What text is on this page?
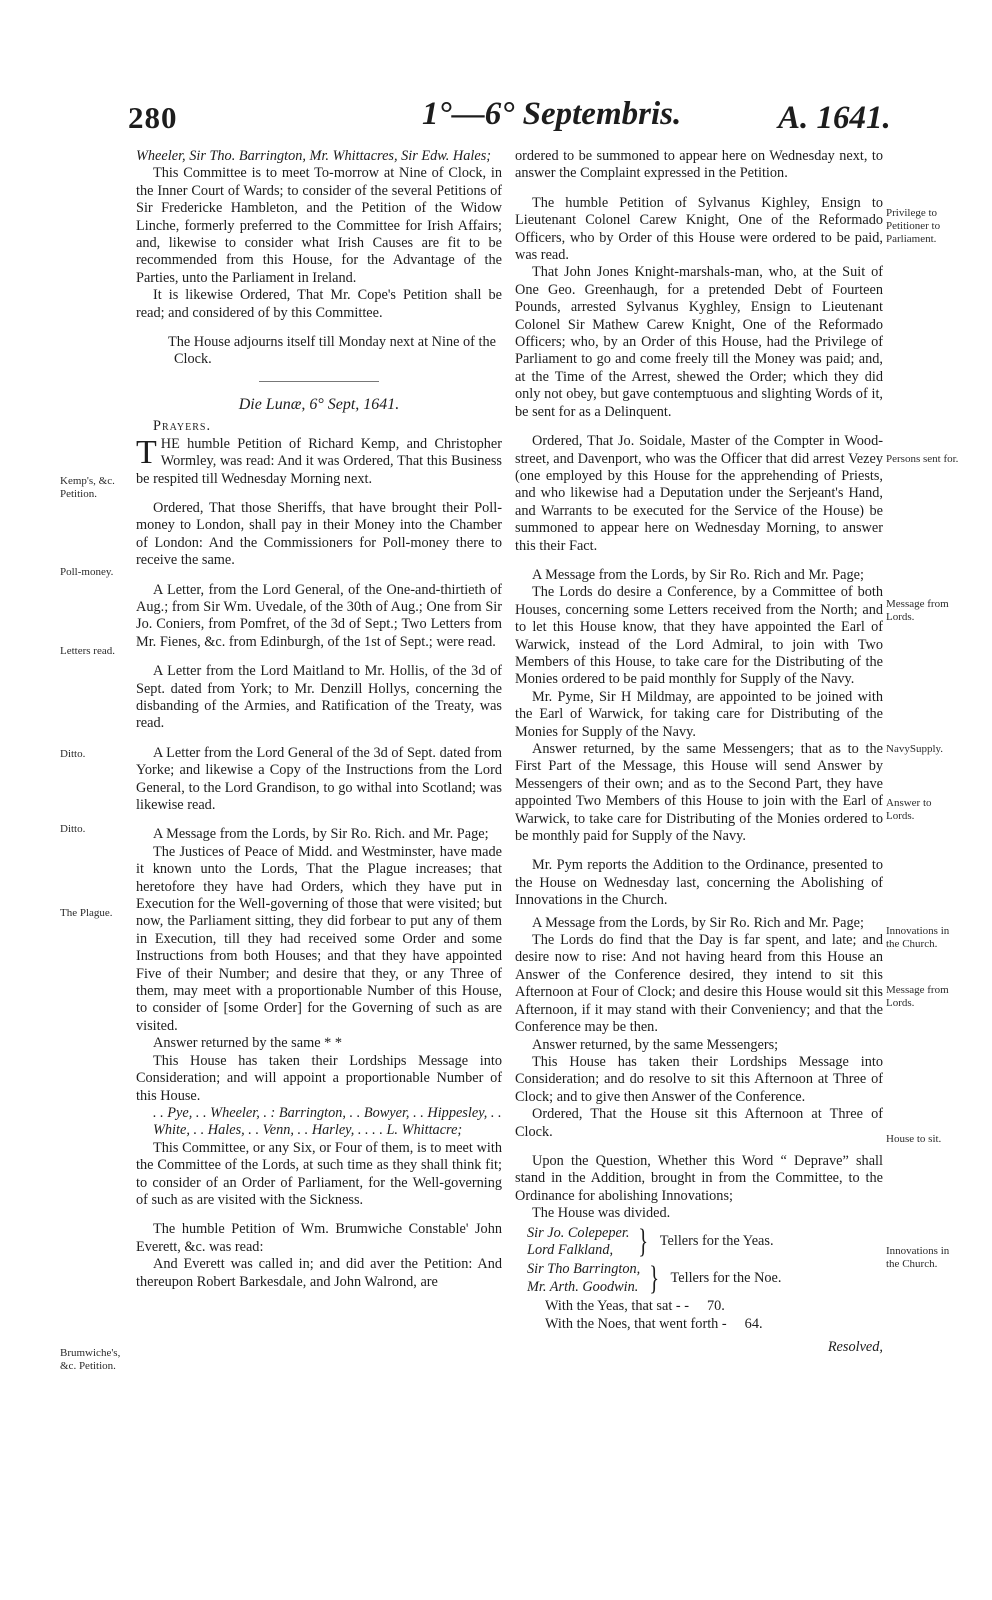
280	1°—6° Septembris.	A. 1641.

Wheeler, Sir Tho. Barrington, Mr. Whittacres, Sir Edw. Hales;

This Committee is to meet To-morrow at Nine of Clock, in the Inner Court of Wards; to consider of the several Petitions of Sir Fredericke Hambleton, and the Petition of the Widow Linche, formerly preferred to the Committee for Irish Affairs; and, likewise to consider what Irish Causes are fit to be recommended from this House, for the Advantage of the Parties, unto the Parliament in Ireland.

It is likewise Ordered, That Mr. Cope's Petition shall be read; and considered of by this Committee.

The House adjourns itself till Monday next at Nine of the Clock.

Die Lunæ, 6° Sept, 1641.

Prayers.

THE humble Petition of Richard Kemp, and Christopher Wormley, was read: And it was Ordered, That this Business be respited till Wednesday Morning next.

Ordered, That those Sheriffs, that have brought their Poll-money to London, shall pay in their Money into the Chamber of London: And the Commissioners for Poll-money there to receive the same.

A Letter, from the Lord General, of the One-and-thirtieth of Aug.; from Sir Wm. Uvedale, of the 30th of Aug.; One from Sir Jo. Coniers, from Pomfret, of the 3d of Sept.; Two Letters from Mr. Fienes, &c. from Edinburgh, of the 1st of Sept.; were read.

A Letter from the Lord Maitland to Mr. Hollis, of the 3d of Sept. dated from York; to Mr. Denzill Hollys, concerning the disbanding of the Armies, and Ratification of the Treaty, was read.

A Letter from the Lord General of the 3d of Sept. dated from Yorke; and likewise a Copy of the Instructions from the Lord General, to the Lord Grandison, to go withal into Scotland; was likewise read.

A Message from the Lords, by Sir Ro. Rich. and Mr. Page;

The Justices of Peace of Midd. and Westminster, have made it known unto the Lords, That the Plague increases; that heretofore they have had Orders, which they have put in Execution for the Well-governing of those that were visited; but now, the Parliament sitting, they did forbear to put any of them in Execution, till they had received some Order and some Instructions from both Houses; and that they have appointed Five of their Number; and desire that they, or any Three of them, may meet with a proportionable Number of this House, to consider of [some Order] for the Governing of such as are visited.

Answer returned by the same * *

This House has taken their Lordships Message into Consideration; and will appoint a proportionable Number of this House.

. . Pye, . . Wheeler, . : Barrington, . . Bowyer, . . Hippesley, . . White, . . Hales, . . Venn, . . Harley, . . . . L. Whittacre;

This Committee, or any Six, or Four of them, is to meet with the Committee of the Lords, at such time as they shall think fit; to consider of an Order of Parliament, for the Well-governing of such as are visited with the Sickness.

The humble Petition of Wm. Brumwiche Constable' John Everett, &c. was read:

And Everett was called in; and did aver the Petition: And thereupon Robert Barkesdale, and John Walrond, are

ordered to be summoned to appear here on Wednesday next, to answer the Complaint expressed in the Petition.

The humble Petition of Sylvanus Kighley, Ensign to Lieutenant Colonel Carew Knight, One of the Reformado Officers, who by Order of this House were ordered to be paid, was read.

That John Jones Knight-marshals-man, who, at the Suit of One Geo. Greenhaugh, for a pretended Debt of Fourteen Pounds, arrested Sylvanus Kyghley, Ensign to Lieutenant Colonel Sir Mathew Carew Knight, One of the Reformado Officers; who, by an Order of this House, had the Privilege of Parliament to go and come freely till the Money was paid; and, at the Time of the Arrest, shewed the Order; which they did only not obey, but gave contemptuous and slighting Words of it, be sent for as a Delinquent.

Ordered, That Jo. Soidale, Master of the Compter in Wood-street, and Davenport, who was the Officer that did arrest Vezey (one employed by this House for the apprehending of Priests, and who likewise had a Deputation under the Serjeant's Hand, and Warrants to be executed for the Service of the House) be summoned to appear here on Wednesday Morning, to answer this their Fact.

A Message from the Lords, by Sir Ro. Rich and Mr. Page;

The Lords do desire a Conference, by a Committee of both Houses, concerning some Letters received from the North; and to let this House know, that they have appointed the Earl of Warwick, instead of the Lord Admiral, to join with Two Members of this House, to take care for the Distributing of the Monies ordered to be paid monthly for Supply of the Navy.

Mr. Pyme, Sir H Mildmay, are appointed to be joined with the Earl of Warwick, for taking care for Distributing of the Monies for Supply of the Navy.

Answer returned, by the same Messengers; that as to the First Part of the Message, this House will send Answer by Messengers of their own; and as to the Second Part, they have appointed Two Members of this House to join with the Earl of Warwick, to take care for Distributing of the Monies ordered to be monthly paid for Supply of the Navy.

Mr. Pym reports the Addition to the Ordinance, presented to the House on Wednesday last, concerning the Abolishing of Innovations in the Church.

A Message from the Lords, by Sir Ro. Rich and Mr. Page;

The Lords do find that the Day is far spent, and late; and desire now to rise: And not having heard from this House an Answer of the Conference desired, they intend to sit this Afternoon at Four of Clock; and desire this House would sit this Afternoon, if it may stand with their Conveniency; and that the Conference may be then.

Answer returned, by the same Messengers;

This House has taken their Lordships Message into Consideration; and do resolve to sit this Afternoon at Three of Clock; and to give then Answer of the Conference.

Ordered, That the House sit this Afternoon at Three of Clock.

Upon the Question, Whether this Word “ Deprave” shall stand in the Addition, brought in from the Committee, to the Ordinance for abolishing Innovations;

The House was divided.

Sir Jo. Colepeper.
Lord Falkland, } Tellers for the Yeas.
Sir Tho Barrington,
Mr. Arth. Goodwin. } Tellers for the Noe.

With the Yeas, that sat - - 70.

With the Noes, that went forth - 64.

Resolved,

Kemp's, &c. Petition.
Poll-money.
Letters read.
Ditto.
Ditto.
The Plague.
Brumwiche's, &c. Petition.
Privilege to Petitioner to Parliament.
Persons sent for.
Message from Lords.
NavySupply.
Answer to Lords.
Innovations in the Church.
Message from Lords.
House to sit.
Innovations in the Church.
